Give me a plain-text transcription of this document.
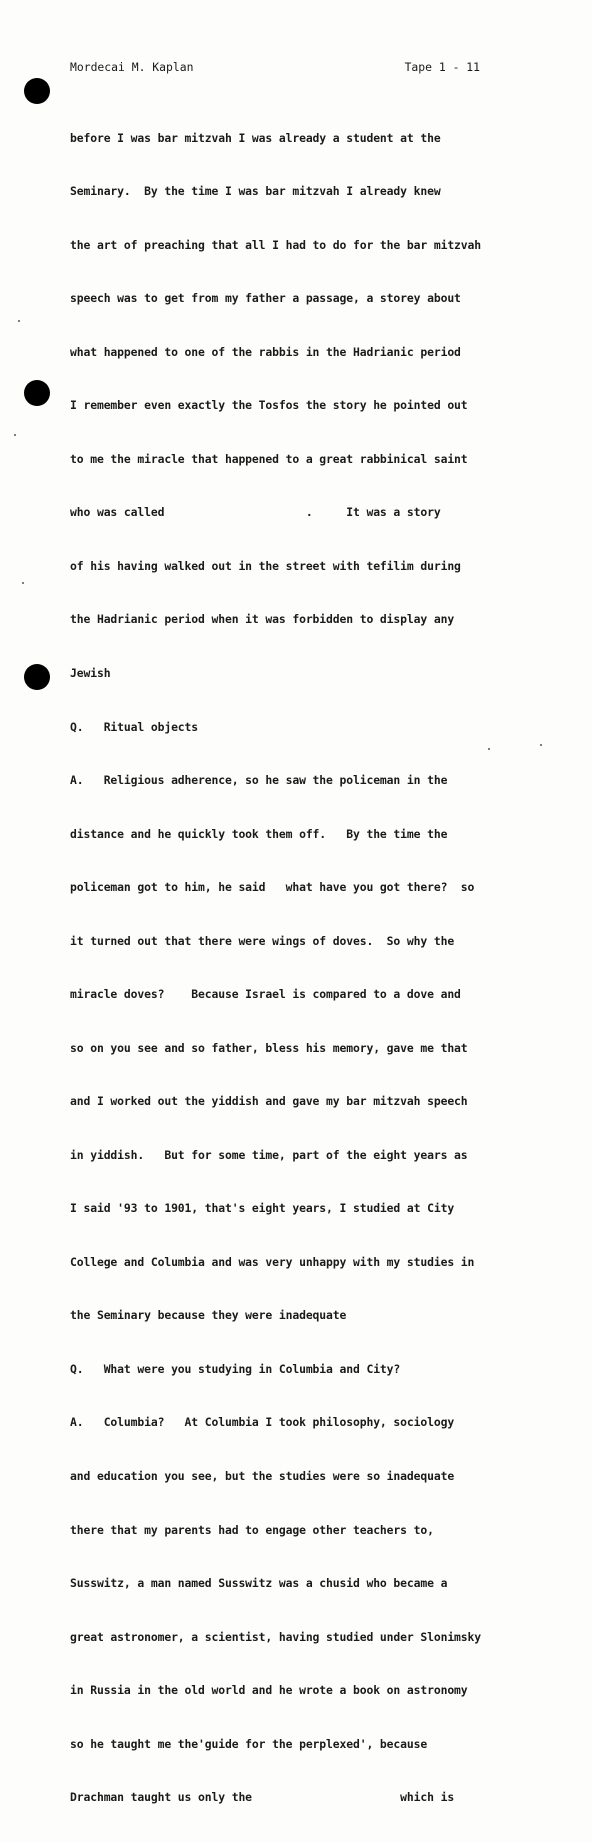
Mordecai M. Kaplan	Tape 1 - 11

before I was bar mitzvah I was already a student at the

Seminary.  By the time I was bar mitzvah I already knew

the art of preaching that all I had to do for the bar mitzvah

speech was to get from my father a passage, a storey about

what happened to one of the rabbis in the Hadrianic period

I remember even exactly the Tosfos the story he pointed out

to me the miracle that happened to a great rabbinical saint

who was called                     .     It was a story

of his having walked out in the street with tefilim during

the Hadrianic period when it was forbidden to display any

Jewish

Q.   Ritual objects

A.   Religious adherence, so he saw the policeman in the

distance and he quickly took them off.   By the time the

policeman got to him, he said   what have you got there?  so

it turned out that there were wings of doves.  So why the

miracle doves?    Because Israel is compared to a dove and

so on you see and so father, bless his memory, gave me that

and I worked out the yiddish and gave my bar mitzvah speech

in yiddish.   But for some time, part of the eight years as

I said '93 to 1901, that's eight years, I studied at City

College and Columbia and was very unhappy with my studies in

the Seminary because they were inadequate

Q.   What were you studying in Columbia and City?

A.   Columbia?   At Columbia I took philosophy, sociology

and education you see, but the studies were so inadequate

there that my parents had to engage other teachers to,

Susswitz, a man named Susswitz was a chusid who became a

great astronomer, a scientist, having studied under Slonimsky

in Russia in the old world and he wrote a book on astronomy

so he taught me the'guide for the perplexed', because

Drachman taught us only the                      which is
